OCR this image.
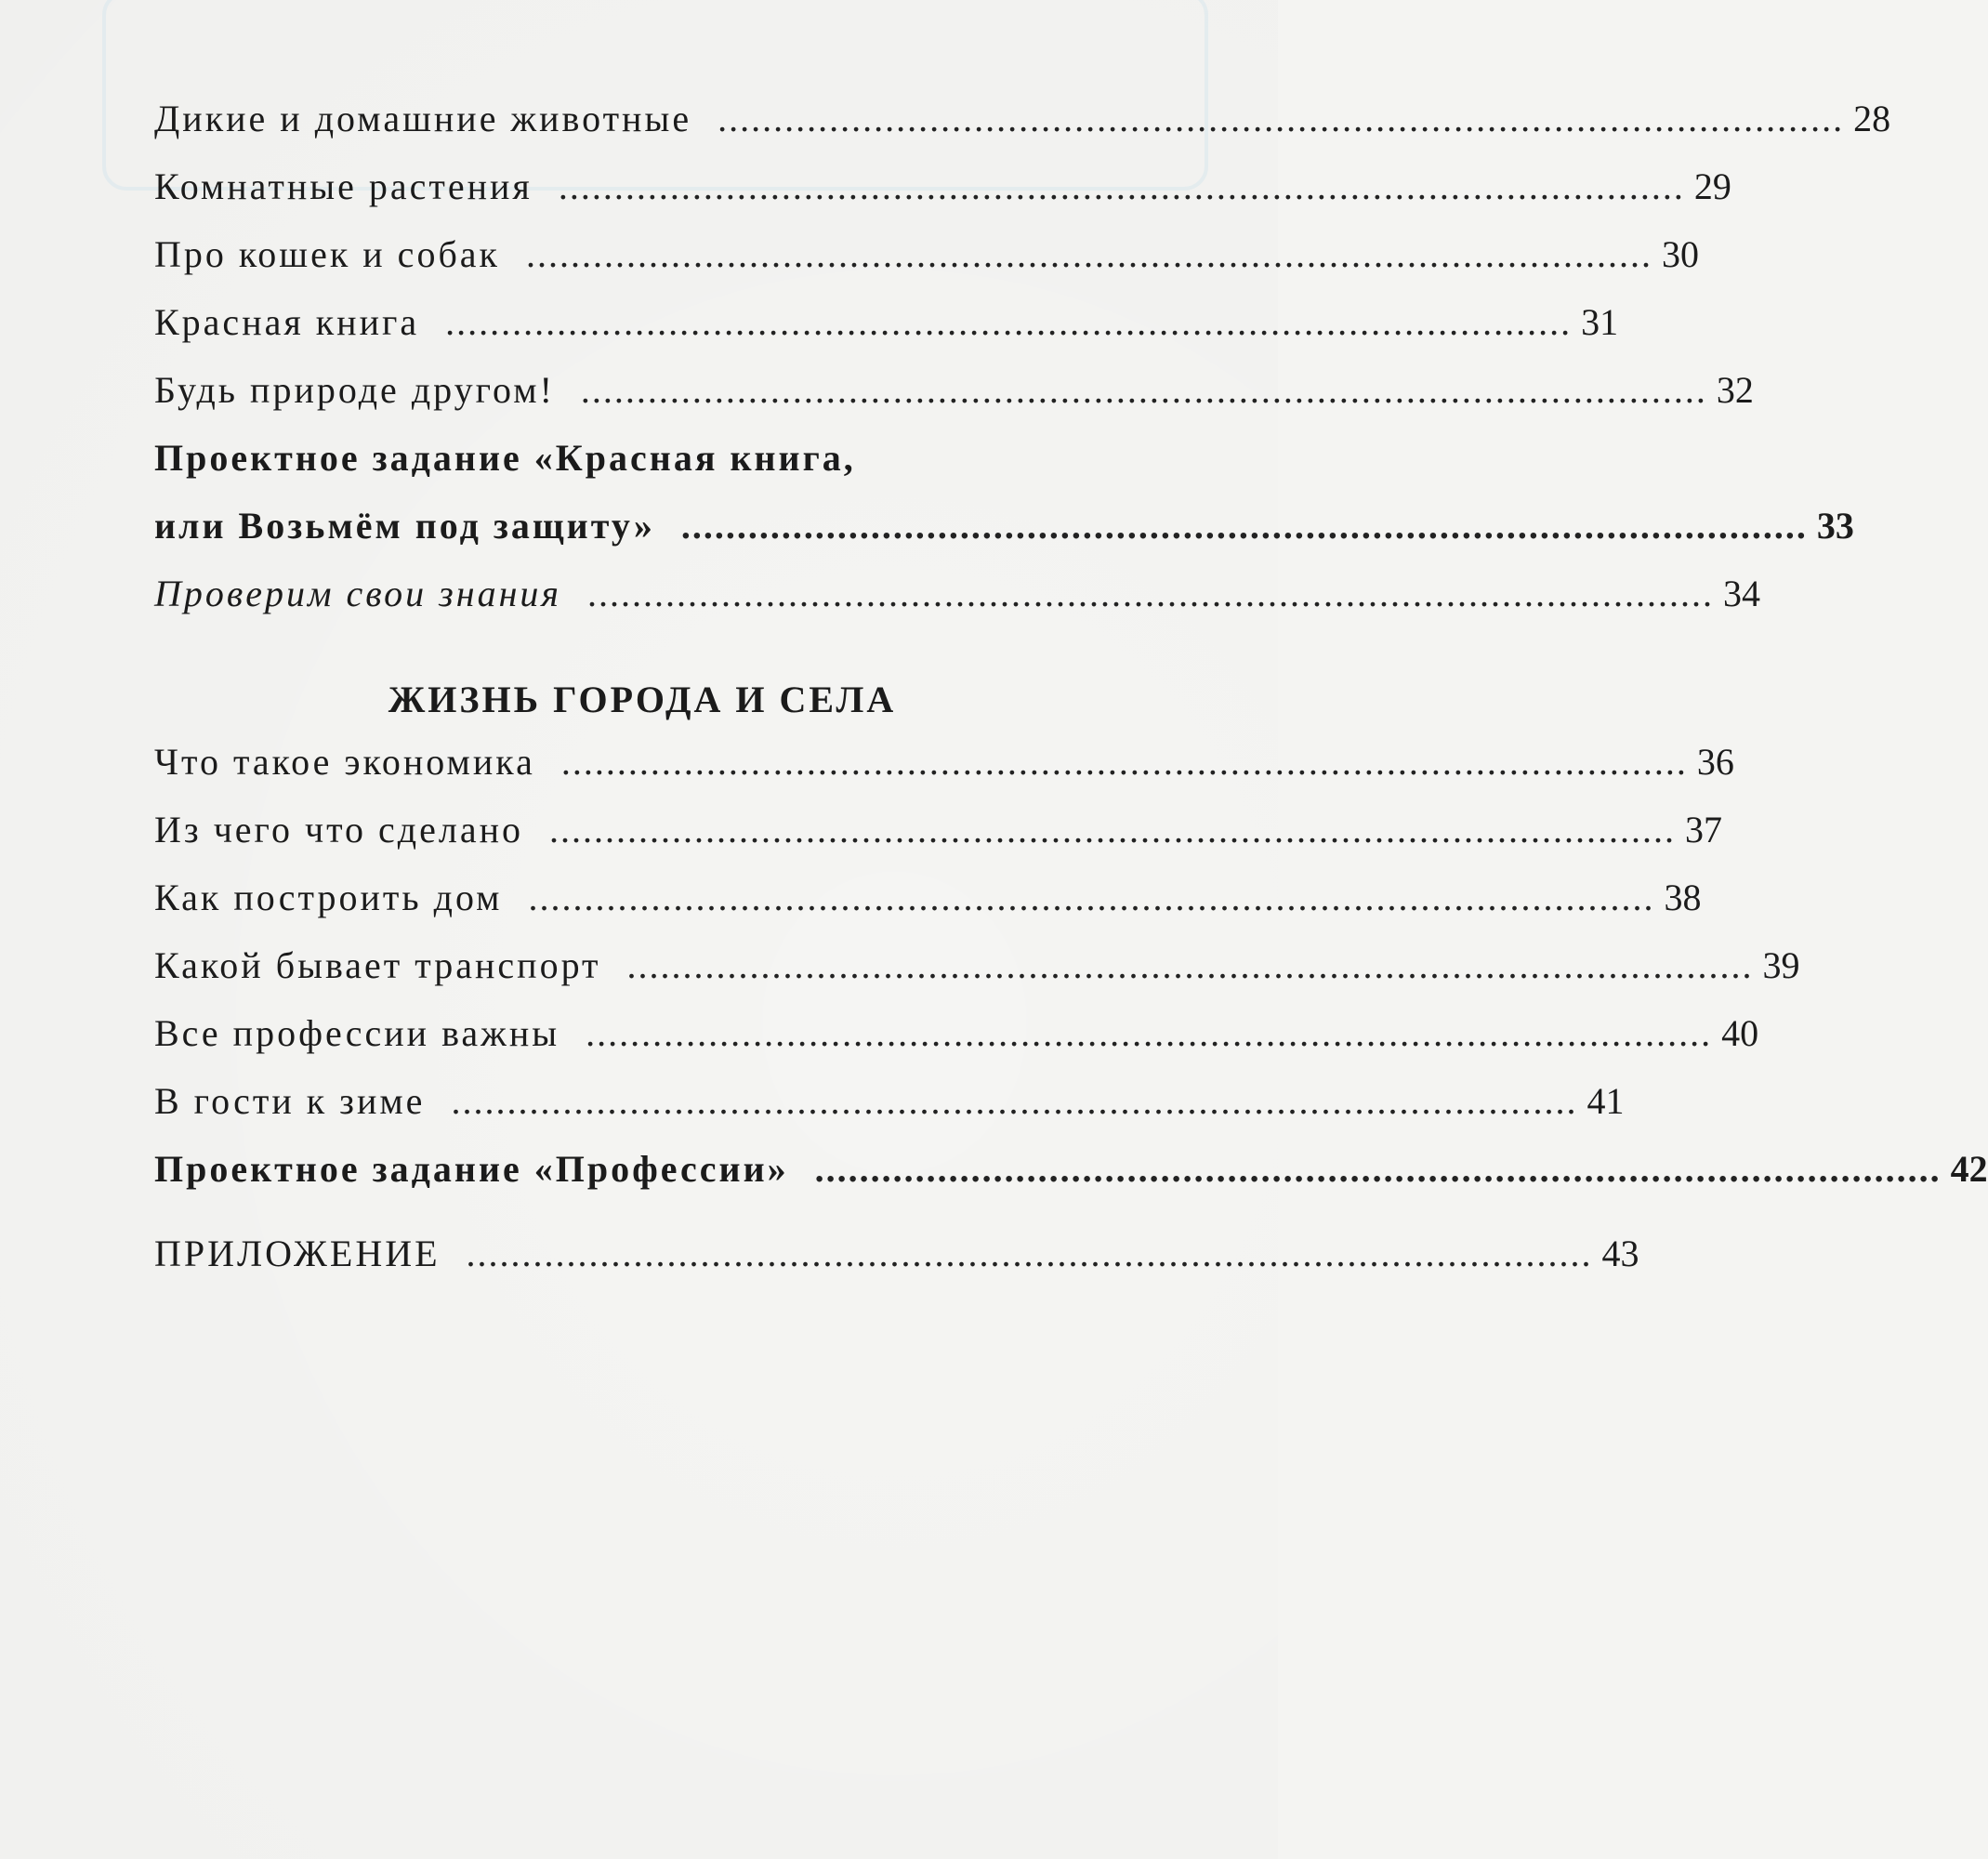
Дикие и домашние животные ..................................................................................................... 28
Комнатные растения ..................................................................................................... 29
Про кошек и собак ..................................................................................................... 30
Красная книга ..................................................................................................... 31
Будь природе другом! ..................................................................................................... 32
Проектное задание «Красная книга,
или Возьмём под защиту» ..................................................................................................... 33
Проверим свои знания ..................................................................................................... 34
ЖИЗНЬ ГОРОДА И СЕЛА
Что такое экономика ..................................................................................................... 36
Из чего что сделано ..................................................................................................... 37
Как построить дом ..................................................................................................... 38
Какой бывает транспорт ..................................................................................................... 39
Все профессии важны ..................................................................................................... 40
В гости к зиме ..................................................................................................... 41
Проектное задание «Профессии» ..................................................................................................... 42
ПРИЛОЖЕНИЕ ..................................................................................................... 43
